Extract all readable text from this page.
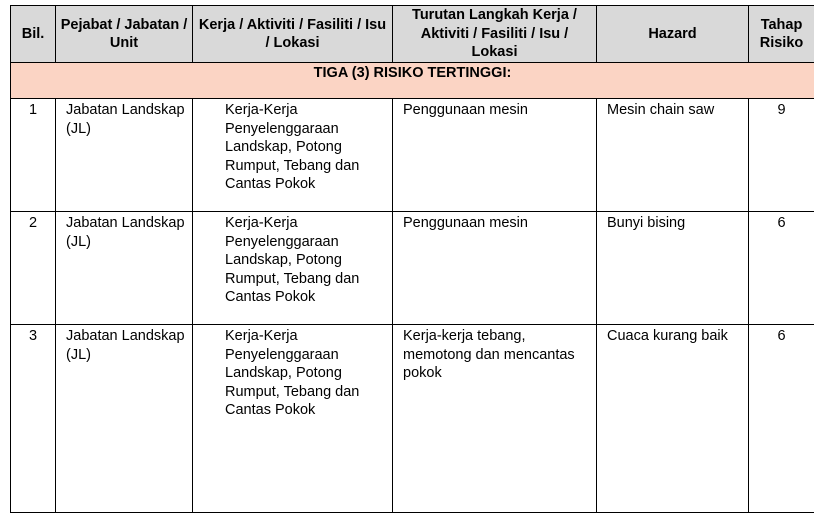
Bil.	Pejabat / Jabatan / Unit	Kerja / Aktiviti / Fasiliti / Isu / Lokasi	Turutan Langkah Kerja / Aktiviti / Fasiliti / Isu / Lokasi	Hazard	Tahap Risiko

TIGA (3) RISIKO TERTINGGI:					
1	Jabatan Landskap (JL)	Kerja-Kerja Penyelenggaraan Landskap, Potong Rumput, Tebang dan Cantas Pokok	Penggunaan mesin	Mesin chain saw	9
2	Jabatan Landskap (JL)	Kerja-Kerja Penyelenggaraan Landskap, Potong Rumput, Tebang dan Cantas Pokok	Penggunaan mesin	Bunyi bising	6
3	Jabatan Landskap (JL)	Kerja-Kerja Penyelenggaraan Landskap, Potong Rumput, Tebang dan Cantas Pokok	Kerja-kerja tebang, memotong dan mencantas pokok	Cuaca kurang baik	6
